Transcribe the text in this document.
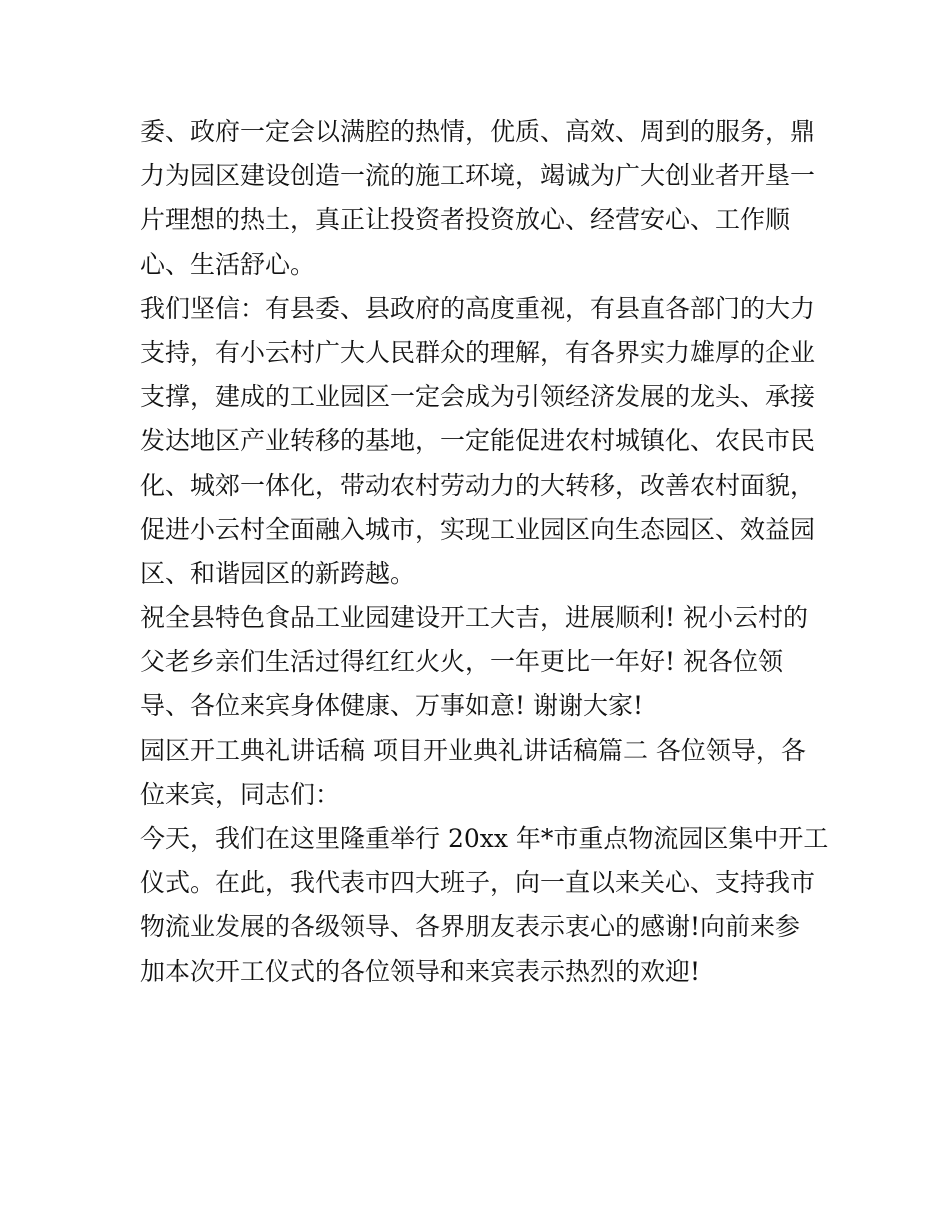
委、政府一定会以满腔的热情，优质、高效、周到的服务，鼎
力为园区建设创造一流的施工环境，竭诚为广大创业者开垦一
片理想的热土，真正让投资者投资放心、经营安心、工作顺
心、生活舒心。
我们坚信：有县委、县政府的高度重视，有县直各部门的大力
支持，有小云村广大人民群众的理解，有各界实力雄厚的企业
支撑，建成的工业园区一定会成为引领经济发展的龙头、承接
发达地区产业转移的基地，一定能促进农村城镇化、农民市民
化、城郊一体化，带动农村劳动力的大转移，改善农村面貌，
促进小云村全面融入城市，实现工业园区向生态园区、效益园
区、和谐园区的新跨越。
祝全县特色食品工业园建设开工大吉，进展顺利! 祝小云村的
父老乡亲们生活过得红红火火，一年更比一年好! 祝各位领
导、各位来宾身体健康、万事如意! 谢谢大家!
园区开工典礼讲话稿 项目开业典礼讲话稿篇二 各位领导，各
位来宾，同志们：
今天，我们在这里隆重举行 20xx 年*市重点物流园区集中开工
仪式。在此，我代表市四大班子，向一直以来关心、支持我市
物流业发展的各级领导、各界朋友表示衷心的感谢!向前来参
加本次开工仪式的各位领导和来宾表示热烈的欢迎!
